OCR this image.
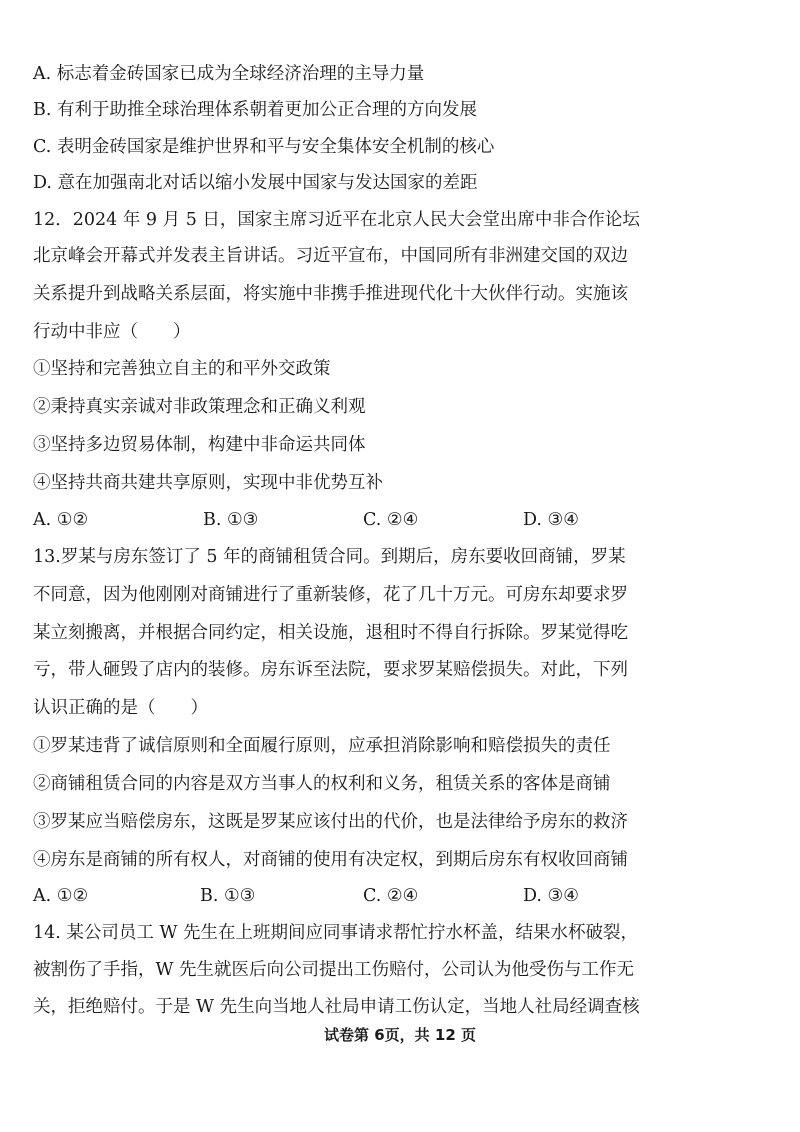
A. 标志着金砖国家已成为全球经济治理的主导力量
B. 有利于助推全球治理体系朝着更加公正合理的方向发展
C. 表明金砖国家是维护世界和平与安全集体安全机制的核心
D. 意在加强南北对话以缩小发展中国家与发达国家的差距
12．2024 年 9 月 5 日，国家主席习近平在北京人民大会堂出席中非合作论坛
北京峰会开幕式并发表主旨讲话。习近平宣布，中国同所有非洲建交国的双边
关系提升到战略关系层面，将实施中非携手推进现代化十大伙伴行动。实施该
行动中非应（　　）
①坚持和完善独立自主的和平外交政策
②秉持真实亲诚对非政策理念和正确义利观
③坚持多边贸易体制，构建中非命运共同体
④坚持共商共建共享原则，实现中非优势互补
A. ①②	B. ①③	C. ②④	D. ③④
13.罗某与房东签订了 5 年的商铺租赁合同。到期后，房东要收回商铺，罗某
不同意，因为他刚刚对商铺进行了重新装修，花了几十万元。可房东却要求罗
某立刻搬离，并根据合同约定，相关设施，退租时不得自行拆除。罗某觉得吃
亏，带人砸毁了店内的装修。房东诉至法院，要求罗某赔偿损失。对此，下列
认识正确的是（　　）
①罗某违背了诚信原则和全面履行原则，应承担消除影响和赔偿损失的责任
②商铺租赁合同的内容是双方当事人的权利和义务，租赁关系的客体是商铺
③罗某应当赔偿房东，这既是罗某应该付出的代价，也是法律给予房东的救济
④房东是商铺的所有权人，对商铺的使用有决定权，到期后房东有权收回商铺
A. ①②	B. ①③	C. ②④	D. ③④
14. 某公司员工 W 先生在上班期间应同事请求帮忙拧水杯盖，结果水杯破裂，
被割伤了手指，W 先生就医后向公司提出工伤赔付，公司认为他受伤与工作无
关，拒绝赔付。于是 W 先生向当地人社局申请工伤认定，当地人社局经调查核
试卷第 6页，共 12 页
